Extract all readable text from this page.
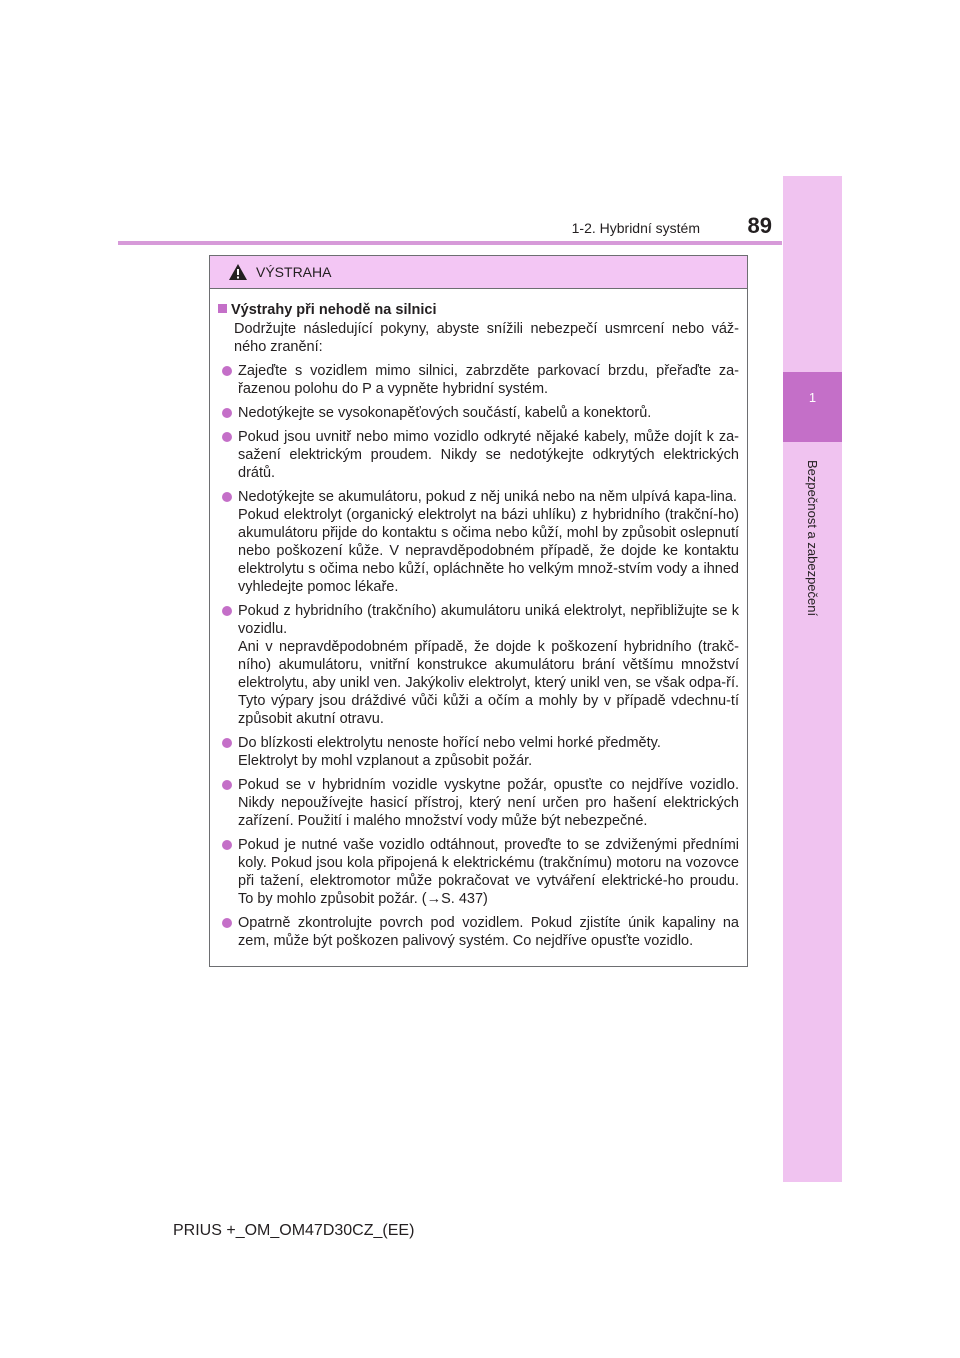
1-2. Hybridní systém	89
1
Bezpečnost a zabezpečení
VÝSTRAHA
Výstrahy při nehodě na silnici
Dodržujte následující pokyny, abyste snížili nebezpečí usmrcení nebo váž-ného zranění:

Zajeďte s vozidlem mimo silnici, zabrzděte parkovací brzdu, přeřaďte za-řazenou polohu do P a vypněte hybridní systém.

Nedotýkejte se vysokonapěťových součástí, kabelů a konektorů.

Pokud jsou uvnitř nebo mimo vozidlo odkryté nějaké kabely, může dojít k za-sažení elektrickým proudem. Nikdy se nedotýkejte odkrytých elektrických drátů.

Nedotýkejte se akumulátoru, pokud z něj uniká nebo na něm ulpívá kapa-lina.

Pokud elektrolyt (organický elektrolyt na bázi uhlíku) z hybridního (trakční-ho) akumulátoru přijde do kontaktu s očima nebo kůží, mohl by způsobit oslepnutí nebo poškození kůže. V nepravděpodobném případě, že dojde ke kontaktu elektrolytu s očima nebo kůží, opláchněte ho velkým množ-stvím vody a ihned vyhledejte pomoc lékaře.

Pokud z hybridního (trakčního) akumulátoru uniká elektrolyt, nepřibližujte se k vozidlu.

Ani v nepravděpodobném případě, že dojde k poškození hybridního (trakč-ního) akumulátoru, vnitřní konstrukce akumulátoru brání většímu množství elektrolytu, aby unikl ven. Jakýkoliv elektrolyt, který unikl ven, se však odpa-ří. Tyto výpary jsou dráždivé vůči kůži a očím a mohly by v případě vdechnu-tí způsobit akutní otravu.

Do blízkosti elektrolytu nenoste hořící nebo velmi horké předměty.

Elektrolyt by mohl vzplanout a způsobit požár.

Pokud se v hybridním vozidle vyskytne požár, opusťte co nejdříve vozidlo. Nikdy nepoužívejte hasicí přístroj, který není určen pro hašení elektrických zařízení. Použití i malého množství vody může být nebezpečné.

Pokud je nutné vaše vozidlo odtáhnout, proveďte to se zdviženými předními koly. Pokud jsou kola připojená k elektrickému (trakčnímu) motoru na vozovce při tažení, elektromotor může pokračovat ve vytváření elektrické-ho proudu. To by mohlo způsobit požár. (→S. 437)

Opatrně zkontrolujte povrch pod vozidlem. Pokud zjistíte únik kapaliny na zem, může být poškozen palivový systém. Co nejdříve opusťte vozidlo.

PRIUS +_OM_OM47D30CZ_(EE)
